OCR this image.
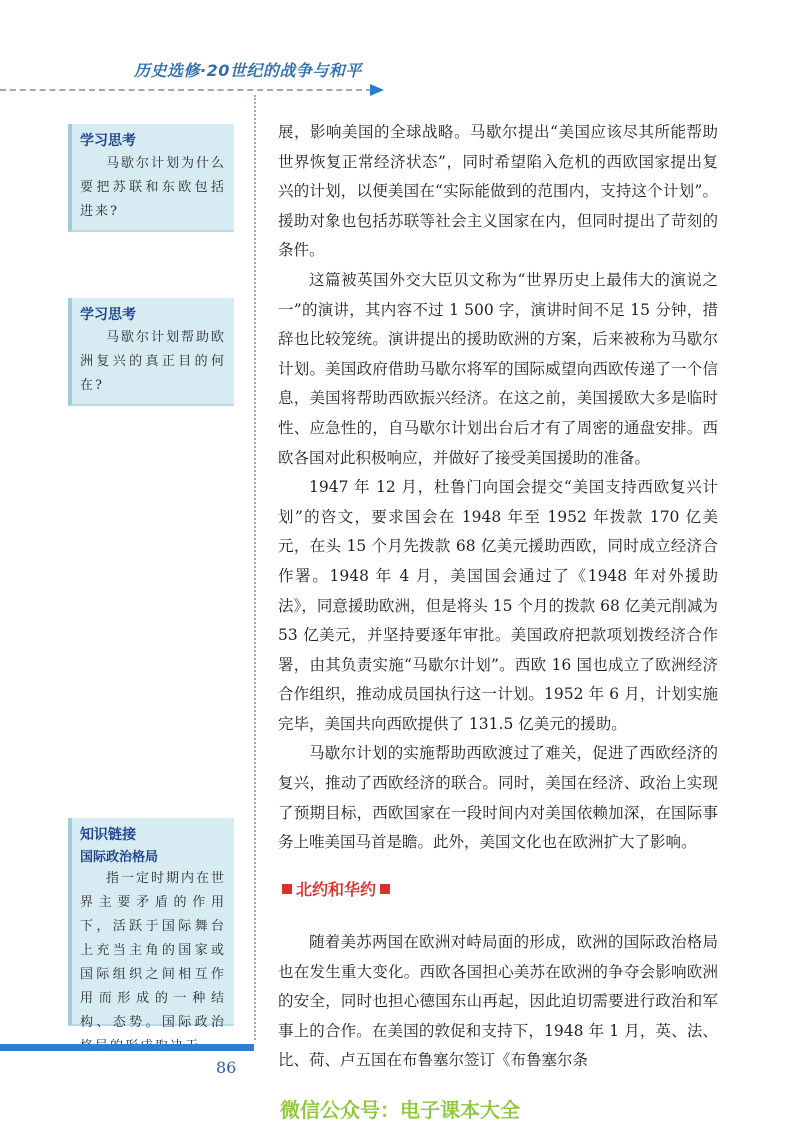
历史选修·20世纪的战争与和平
学习思考

马歇尔计划为什么要把苏联和东欧包括进来?

学习思考

马歇尔计划帮助欧洲复兴的真正目的何在?

知识链接
国际政治格局

指一定时期内在世界主要矛盾的作用下，活跃于国际舞台上充当主角的国家或国际组织之间相互作用而形成的一种结构、态势。国际政治

展，影响美国的全球战略。马歇尔提出“美国应该尽其所能帮助世界恢复正常经济状态”，同时希望陷入危机的西欧国家提出复兴的计划，以便美国在“实际能做到的范围内，支持这个计划”。援助对象也包括苏联等社会主义国家在内，但同时提出了苛刻的条件。

这篇被英国外交大臣贝文称为“世界历史上最伟大的演说之一”的演讲，其内容不过 1 500 字，演讲时间不足 15 分钟，措辞也比较笼统。演讲提出的援助欧洲的方案，后来被称为马歇尔计划。美国政府借助马歇尔将军的国际威望向西欧传递了一个信息，美国将帮助西欧振兴经济。在这之前，美国援欧大多是临时性、应急性的，自马歇尔计划出台后才有了周密的通盘安排。西欧各国对此积极响应，并做好了接受美国援助的准备。

1947 年 12 月，杜鲁门向国会提交“美国支持西欧复兴计划”的咨文，要求国会在 1948 年至 1952 年拨款 170 亿美元，在头 15 个月先拨款 68 亿美元援助西欧，同时成立经济合作署。1948 年 4 月，美国国会通过了《1948 年对外援助法》，同意援助欧洲，但是将头 15 个月的拨款 68 亿美元削减为 53 亿美元，并坚持要逐年审批。美国政府把款项划拨经济合作署，由其负责实施“马歇尔计划”。西欧 16 国也成立了欧洲经济合作组织，推动成员国执行这一计划。1952 年 6 月，计划实施完毕，美国共向西欧提供了 131.5 亿美元的援助。

马歇尔计划的实施帮助西欧渡过了难关，促进了西欧经济的复兴，推动了西欧经济的联合。同时，美国在经济、政治上实现了预期目标，西欧国家在一段时间内对美国依赖加深，在国际事务上唯美国马首是瞻。此外，美国文化也在欧洲扩大了影响。

北约和华约

随着美苏两国在欧洲对峙局面的形成，欧洲的国际政治格局也在发生重大变化。西欧各国担心美苏在欧洲的争夺会影响欧洲的安全，同时也担心德国东山再起，因此迫切需要进行政治和军事上的合作。在美国的敦促和支持下，1948 年 1 月，英、法、比、荷、卢五国在布鲁塞尔签订《布鲁塞尔条

86
微信公众号：电子课本大全
